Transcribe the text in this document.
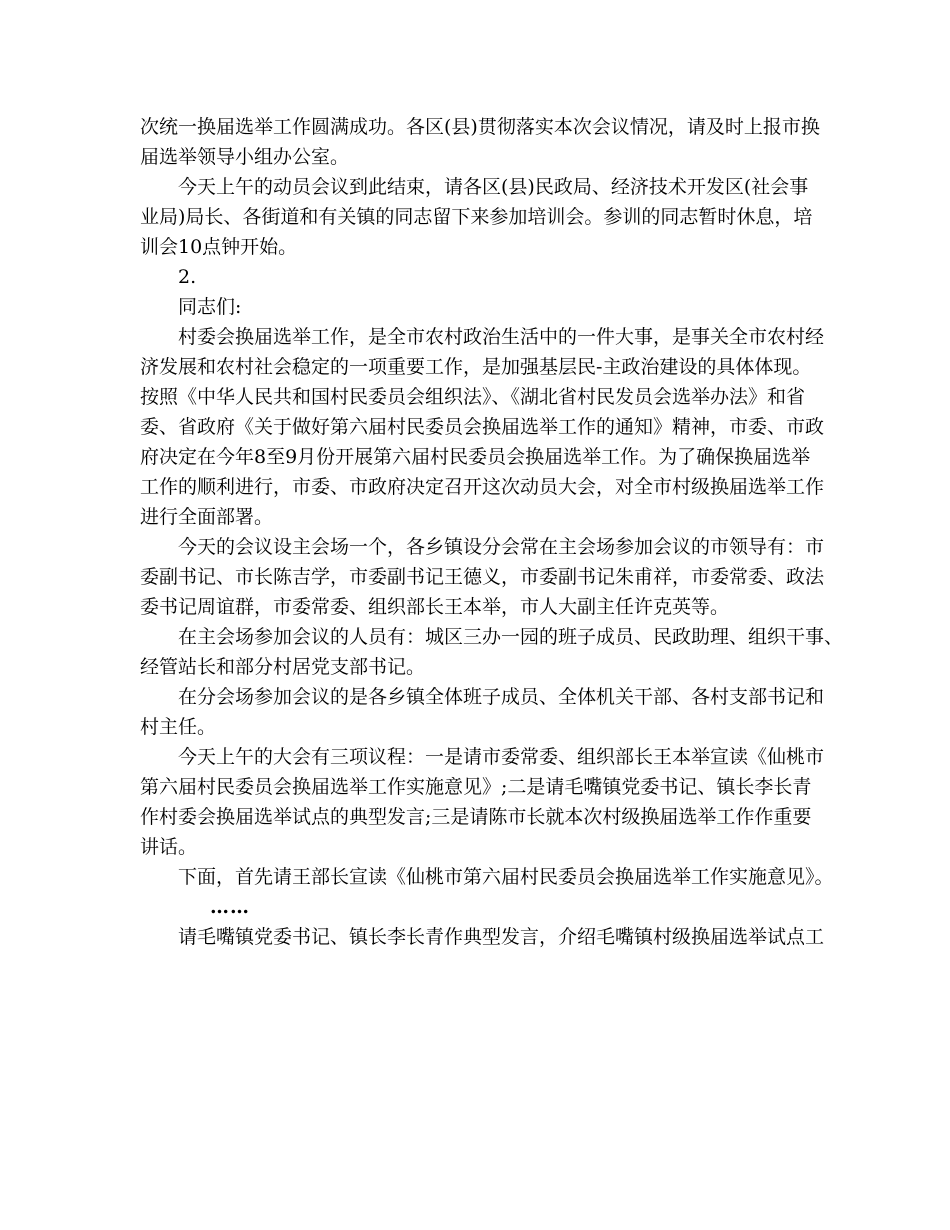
次统一换届选举工作圆满成功。各区(县)贯彻落实本次会议情况，请及时上报市换
届选举领导小组办公室。

今天上午的动员会议到此结束，请各区(县)民政局、经济技术开发区(社会事
业局)局长、各街道和有关镇的同志留下来参加培训会。参训的同志暂时休息，培
训会10点钟开始。

2.

同志们:

村委会换届选举工作，是全市农村政治生活中的一件大事，是事关全市农村经
济发展和农村社会稳定的一项重要工作，是加强基层民-主政治建设的具体体现。
按照《中华人民共和国村民委员会组织法》、《湖北省村民发员会选举办法》和省
委、省政府《关于做好第六届村民委员会换届选举工作的通知》精神，市委、市政
府决定在今年8至9月份开展第六届村民委员会换届选举工作。为了确保换届选举
工作的顺利进行，市委、市政府决定召开这次动员大会，对全市村级换届选举工作
进行全面部署。

今天的会议设主会场一个，各乡镇设分会常在主会场参加会议的市领导有：市
委副书记、市长陈吉学，市委副书记王德义，市委副书记朱甫祥，市委常委、政法
委书记周谊群，市委常委、组织部长王本举，市人大副主任许克英等。

在主会场参加会议的人员有：城区三办一园的班子成员、民政助理、组织干事、
经管站长和部分村居党支部书记。

在分会场参加会议的是各乡镇全体班子成员、全体机关干部、各村支部书记和
村主任。

今天上午的大会有三项议程：一是请市委常委、组织部长王本举宣读《仙桃市
第六届村民委员会换届选举工作实施意见》;二是请毛嘴镇党委书记、镇长李长青
作村委会换届选举试点的典型发言;三是请陈市长就本次村级换届选举工作作重要
讲话。

下面，首先请王部长宣读《仙桃市第六届村民委员会换届选举工作实施意见》。

……

请毛嘴镇党委书记、镇长李长青作典型发言，介绍毛嘴镇村级换届选举试点工
